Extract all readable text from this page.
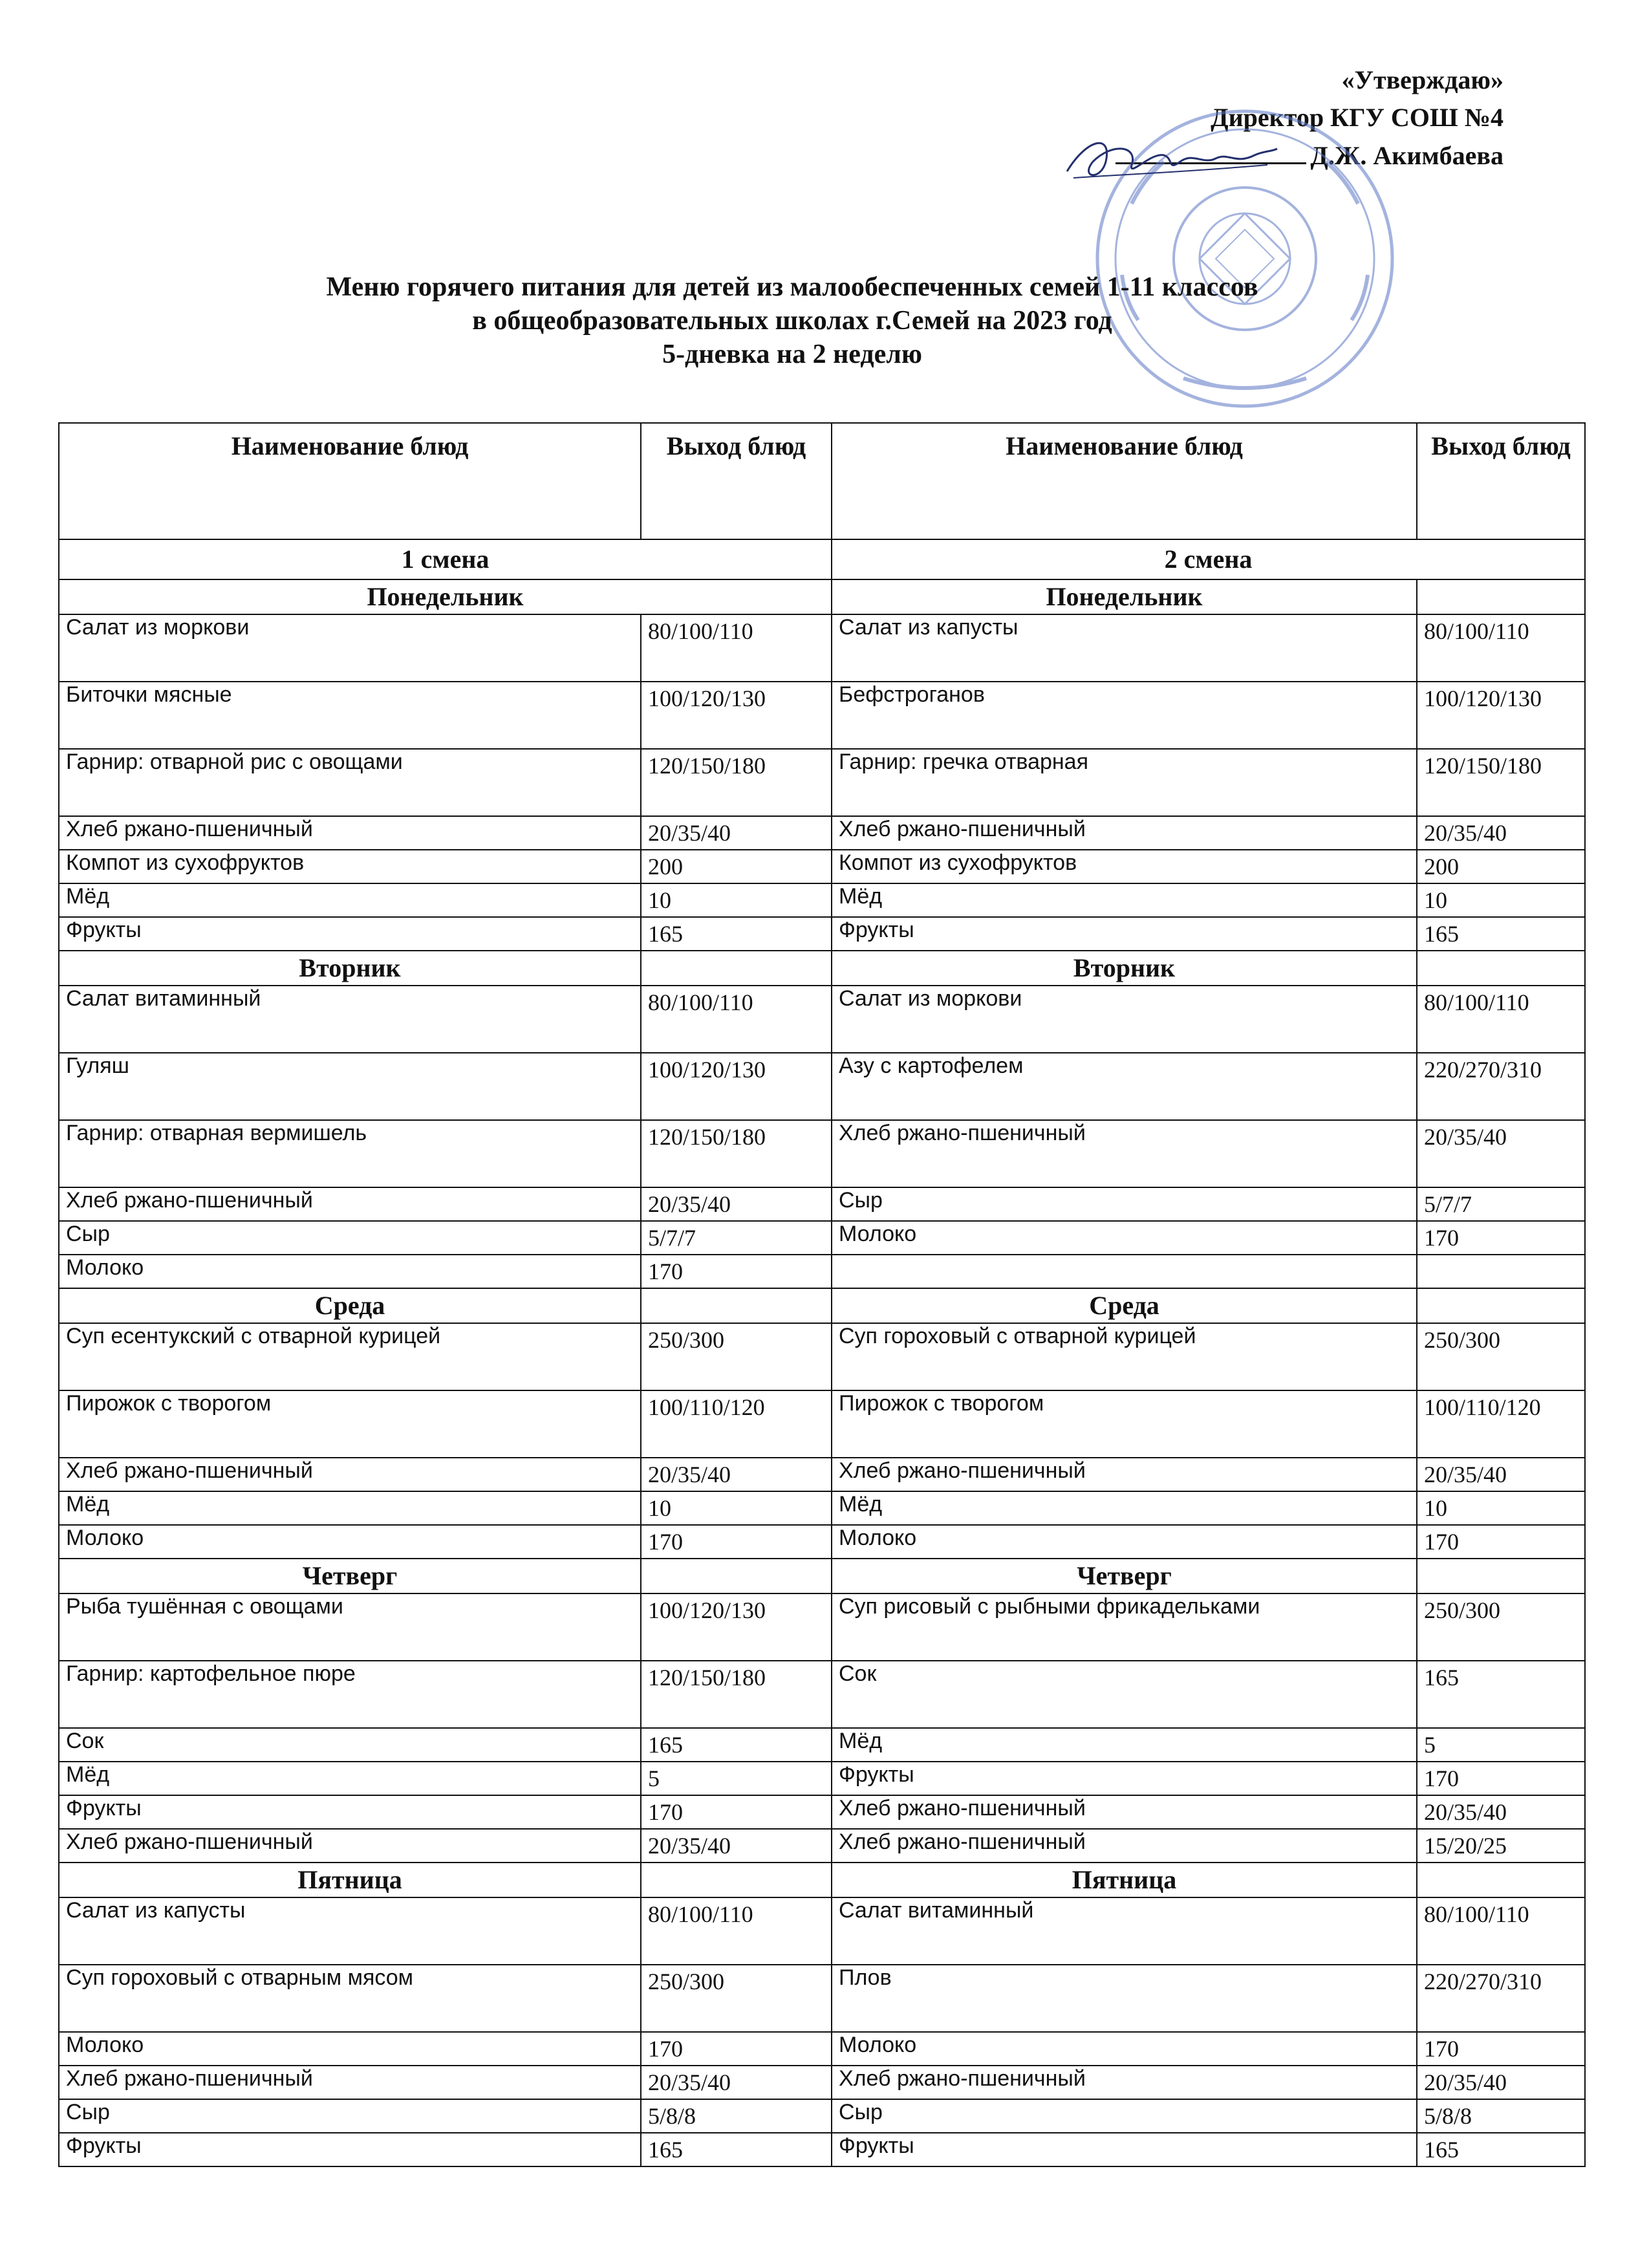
«Утверждаю»
Директор КГУ СОШ №4
Д.Ж. Акимбаева
Меню горячего питания для детей из малообеспеченных семей 1-11 классов
в общеобразовательных школах г.Семей на 2023 год
5-дневка на 2 неделю
Наименование блюд	Выход блюд	Наименование блюд	Выход блюд
1 смена		2 смена	
Понедельник		Понедельник	
Салат из моркови	80/100/110	Салат из капусты	80/100/110
Биточки мясные	100/120/130	Бефстроганов	100/120/130
Гарнир: отварной рис с овощами	120/150/180	Гарнир: гречка отварная	120/150/180
Хлеб ржано-пшеничный	20/35/40	Хлеб ржано-пшеничный	20/35/40
Компот из сухофруктов	200	Компот из сухофруктов	200
Мёд	10	Мёд	10
Фрукты	165	Фрукты	165
Вторник		Вторник	
Салат витаминный	80/100/110	Салат из моркови	80/100/110
Гуляш	100/120/130	Азу с картофелем	220/270/310
Гарнир: отварная вермишель	120/150/180	Хлеб ржано-пшеничный	20/35/40
Хлеб ржано-пшеничный	20/35/40	Сыр	5/7/7
Сыр	5/7/7	Молоко	170
Молоко	170		
Среда		Среда	
Суп есентукский с отварной курицей	250/300	Суп гороховый с отварной курицей	250/300
Пирожок с творогом	100/110/120	Пирожок с творогом	100/110/120
Хлеб ржано-пшеничный	20/35/40	Хлеб ржано-пшеничный	20/35/40
Мёд	10	Мёд	10
Молоко	170	Молоко	170
Четверг		Четверг	
Рыба тушённая с овощами	100/120/130	Суп рисовый с рыбными фрикадельками	250/300
Гарнир: картофельное пюре	120/150/180	Сок	165
Сок	165	Мёд	5
Мёд	5	Фрукты	170
Фрукты	170	Хлеб ржано-пшеничный	20/35/40
Хлеб ржано-пшеничный	20/35/40	Хлеб ржано-пшеничный	15/20/25
Пятница		Пятница	
Салат из капусты	80/100/110	Салат витаминный	80/100/110
Суп гороховый с отварным мясом	250/300	Плов	220/270/310
Молоко	170	Молоко	170
Хлеб ржано-пшеничный	20/35/40	Хлеб ржано-пшеничный	20/35/40
Сыр	5/8/8	Сыр	5/8/8
Фрукты	165	Фрукты	165
